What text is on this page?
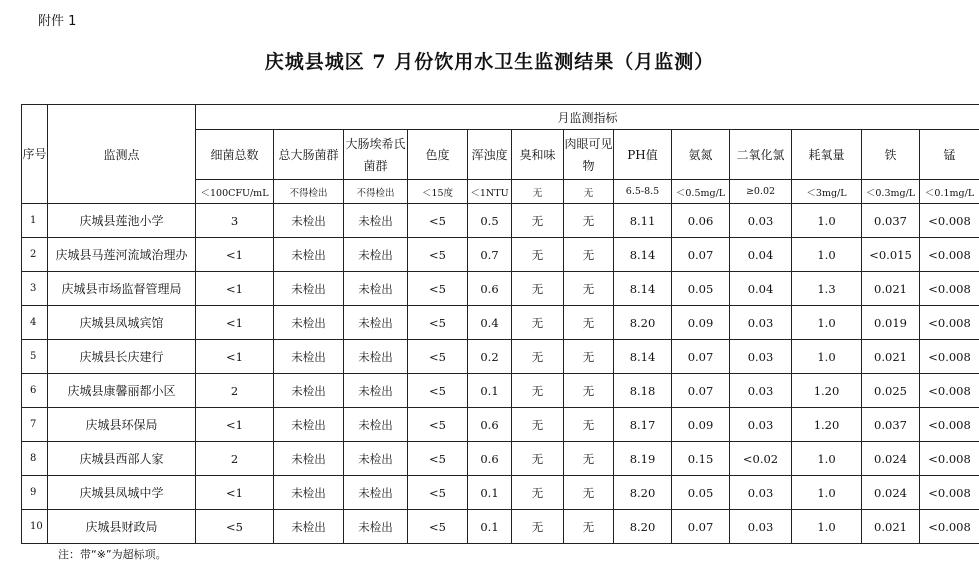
附件 1
庆城县城区 7 月份饮用水卫生监测结果（月监测）
序号	监测点	月监测指标												

		细菌总数	总大肠菌群	大肠埃希氏菌群	色度	浑浊度	臭和味	肉眼可见物	PH值	氨氮	二氧化氯	耗氧量	铁	锰

		＜100CFU/mL	不得检出	不得检出	＜15度	＜1NTU	无	无	6.5-8.5	＜0.5mg/L	≥0.02	＜3mg/L	＜0.3mg/L	＜0.1mg/L
1	庆城县莲池小学	3	未检出	未检出	<5	0.5	无	无	8.11	0.06	0.03	1.0	0.037	<0.008
2	庆城县马莲河流域治理办	<1	未检出	未检出	<5	0.7	无	无	8.14	0.07	0.04	1.0	<0.015	<0.008
3	庆城县市场监督管理局	<1	未检出	未检出	<5	0.6	无	无	8.14	0.05	0.04	1.3	0.021	<0.008
4	庆城县凤城宾馆	<1	未检出	未检出	<5	0.4	无	无	8.20	0.09	0.03	1.0	0.019	<0.008
5	庆城县长庆建行	<1	未检出	未检出	<5	0.2	无	无	8.14	0.07	0.03	1.0	0.021	<0.008
6	庆城县康馨丽都小区	2	未检出	未检出	<5	0.1	无	无	8.18	0.07	0.03	1.20	0.025	<0.008
7	庆城县环保局	<1	未检出	未检出	<5	0.6	无	无	8.17	0.09	0.03	1.20	0.037	<0.008
8	庆城县西部人家	2	未检出	未检出	<5	0.6	无	无	8.19	0.15	<0.02	1.0	0.024	<0.008
9	庆城县凤城中学	<1	未检出	未检出	<5	0.1	无	无	8.20	0.05	0.03	1.0	0.024	<0.008
10	庆城县财政局	<5	未检出	未检出	<5	0.1	无	无	8.20	0.07	0.03	1.0	0.021	<0.008
注：带“※”为超标项。
